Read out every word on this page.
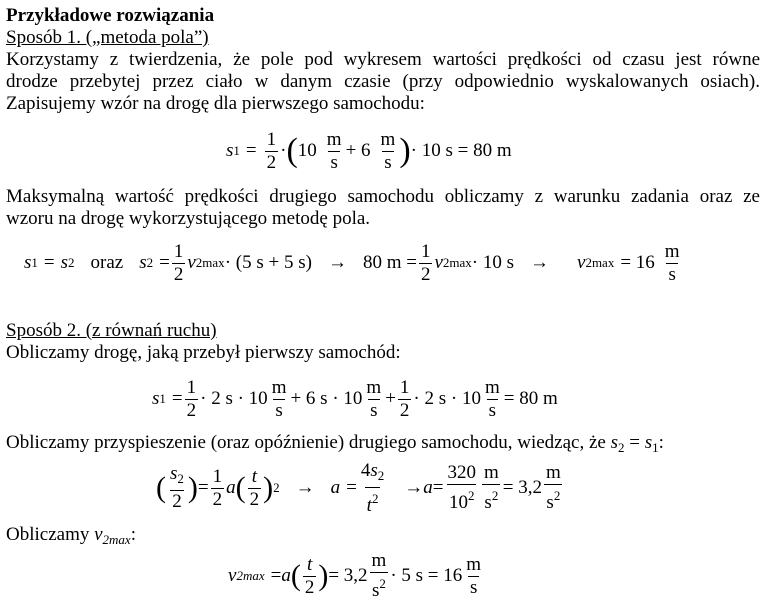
Przykładowe rozwiązania
Sposób 1. („metoda pola”)
Korzystamy z twierdzenia, że pole pod wykresem wartości prędkości od czasu jest równe
drodze przebytej przez ciało w danym czasie (przy odpowiednio wyskalowanych osiach).
Zapisujemy wzór na drogę dla pierwszego samochodu:
s $1 = \frac{1}{2}$ · ( $10 \frac{m}{s} + 6 \frac{m}{s}$ ) · 10 s = 80 m
Maksymalną wartość prędkości drugiego samochodu obliczamy z warunku zadania oraz ze
wzoru na drogę wykorzystującego metodę pola.
s 1 = s 2 oraz s $2 = \frac{1}{2}$ v 2max · (5 s + 5 s)
→ 80 $m = \frac{1}{2}$ v 2max · 10 s
→ v $2\max = 16 \frac{m}{s}$
Sposób 2. (z równań ruchu)
Obliczamy drogę, jaką przebył pierwszy samochód:
s $1 = \frac{1}{2} \cdot 2$ $s \cdot 10 \frac{m}{s} + 6$ $s \cdot 10 \frac{m}{s} + \frac{1}{2} \cdot 2$ $s \cdot 10 \frac{m}{s} = 80$ m
Obliczamy przyspieszenie (oraz opóźnienie) drugiego samochodu, wiedząc, że $s_2 = s_1$:
( $\frac{s_2}{2}$ ) = $\frac{1}{2}$ a ( $\frac{t}{2}$ ) $2 \to a = \frac{4s_2}{t^2} \to a = \frac{320}{10^2} \frac{m}{s^2} = 3,2 \frac{m}{s^2}$
Obliczamy $v_{2max}$:
v 2max = a ( $\frac{t}{2}$ ) = $3,2 \frac{m}{s^2} \cdot 5$ $s = 16 \frac{m}{s}$
